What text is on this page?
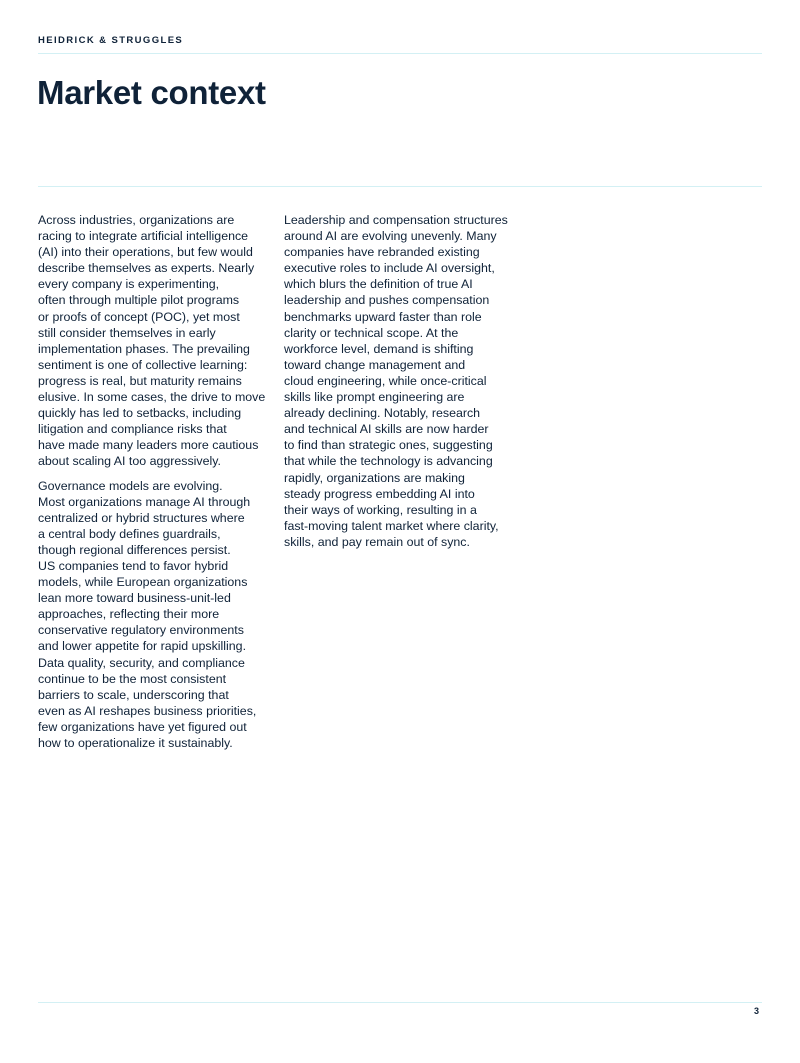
HEIDRICK & STRUGGLES
Market context

Across industries, organizations are
racing to integrate artificial intelligence
(AI) into their operations, but few would
describe themselves as experts. Nearly
every company is experimenting,
often through multiple pilot programs
or proofs of concept (POC), yet most
still consider themselves in early
implementation phases. The prevailing
sentiment is one of collective learning:
progress is real, but maturity remains
elusive. In some cases, the drive to move
quickly has led to setbacks, including
litigation and compliance risks that
have made many leaders more cautious
about scaling AI too aggressively.

Governance models are evolving.
Most organizations manage AI through
centralized or hybrid structures where
a central body defines guardrails,
though regional differences persist.
US companies tend to favor hybrid
models, while European organizations
lean more toward business-unit-led
approaches, reflecting their more
conservative regulatory environments
and lower appetite for rapid upskilling.
Data quality, security, and compliance
continue to be the most consistent
barriers to scale, underscoring that
even as AI reshapes business priorities,
few organizations have yet figured out
how to operationalize it sustainably.

Leadership and compensation structures
around AI are evolving unevenly. Many
companies have rebranded existing
executive roles to include AI oversight,
which blurs the definition of true AI
leadership and pushes compensation
benchmarks upward faster than role
clarity or technical scope. At the
workforce level, demand is shifting
toward change management and
cloud engineering, while once-critical
skills like prompt engineering are
already declining. Notably, research
and technical AI skills are now harder
to find than strategic ones, suggesting
that while the technology is advancing
rapidly, organizations are making
steady progress embedding AI into
their ways of working, resulting in a
fast-moving talent market where clarity,
skills, and pay remain out of sync.

3
